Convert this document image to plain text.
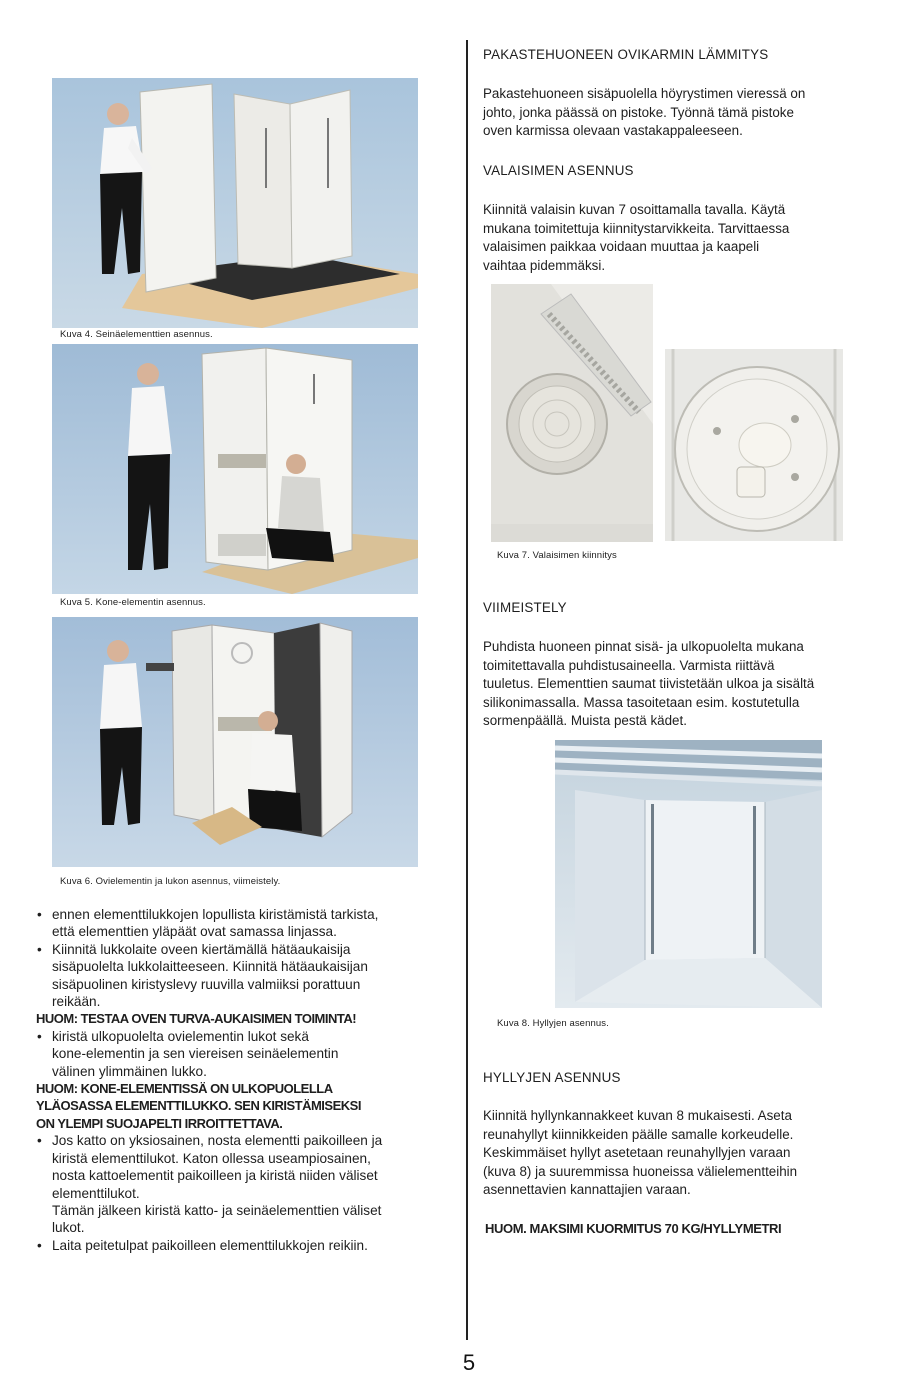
Kuva 4. Seinäelementtien asennus.
Kuva 5. Kone-elementin asennus.
Kuva 6. Ovielementin ja lukon asennus, viimeistely.
• ennen elementtilukkojen lopullista kiristämistä tarkista,
että elementtien yläpäät ovat samassa linjassa.
• Kiinnitä lukkolaite oveen kiertämällä hätäaukaisija
sisäpuolelta lukkolaitteeseen. Kiinnitä hätäaukaisijan
sisäpuolinen kiristyslevy ruuvilla valmiiksi porattuun
reikään.
HUOM: TESTAA OVEN TURVA-AUKAISIMEN TOIMINTA!
• kiristä ulkopuolelta ovielementin lukot sekä
kone-elementin ja sen viereisen seinäelementin
välinen ylimmäinen lukko.
HUOM: KONE-ELEMENTISSÄ ON ULKOPUOLELLA
YLÄOSASSA ELEMENTTILUKKO. SEN KIRISTÄMISEKSI
ON YLEMPI SUOJAPELTI IRROITTETTAVA.
• Jos katto on yksiosainen, nosta elementti paikoilleen ja
kiristä elementtilukot. Katon ollessa useampiosainen,
nosta kattoelementit paikoilleen ja kiristä niiden väliset
elementtilukot.
Tämän jälkeen kiristä katto- ja seinäelementtien väliset
lukot.
• Laita peitetulpat paikoilleen elementtilukkojen reikiin.
PAKASTEHUONEEN OVIKARMIN LÄMMITYS

Pakastehuoneen sisäpuolella höyrystimen vieressä on

johto, jonka päässä on pistoke. Työnnä tämä pistoke

oven karmissa olevaan vastakappaleeseen.

VALAISIMEN ASENNUS

Kiinnitä valaisin kuvan 7 osoittamalla tavalla. Käytä

mukana toimitettuja kiinnitystarvikkeita. Tarvittaessa

valaisimen paikkaa voidaan muuttaa ja kaapeli

vaihtaa pidemmäksi.

Kuva 7. Valaisimen kiinnitys
VIIMEISTELY

Puhdista huoneen pinnat sisä- ja ulkopuolelta mukana

toimitettavalla puhdistusaineella. Varmista riittävä

tuuletus. Elementtien saumat tiivistetään ulkoa ja sisältä

silikonimassalla. Massa tasoitetaan esim. kostutetulla

sormenpäällä. Muista pestä kädet.

Kuva 8. Hyllyjen asennus.
HYLLYJEN ASENNUS

Kiinnitä hyllynkannakkeet kuvan 8 mukaisesti. Aseta

reunahyllyt kiinnikkeiden päälle samalle korkeudelle.

Keskimmäiset hyllyt asetetaan reunahyllyjen varaan

(kuva 8) ja suuremmissa huoneissa välielementteihin

asennettavien kannattajien varaan.

HUOM. MAKSIMI KUORMITUS 70 KG/HYLLYMETRI
5
